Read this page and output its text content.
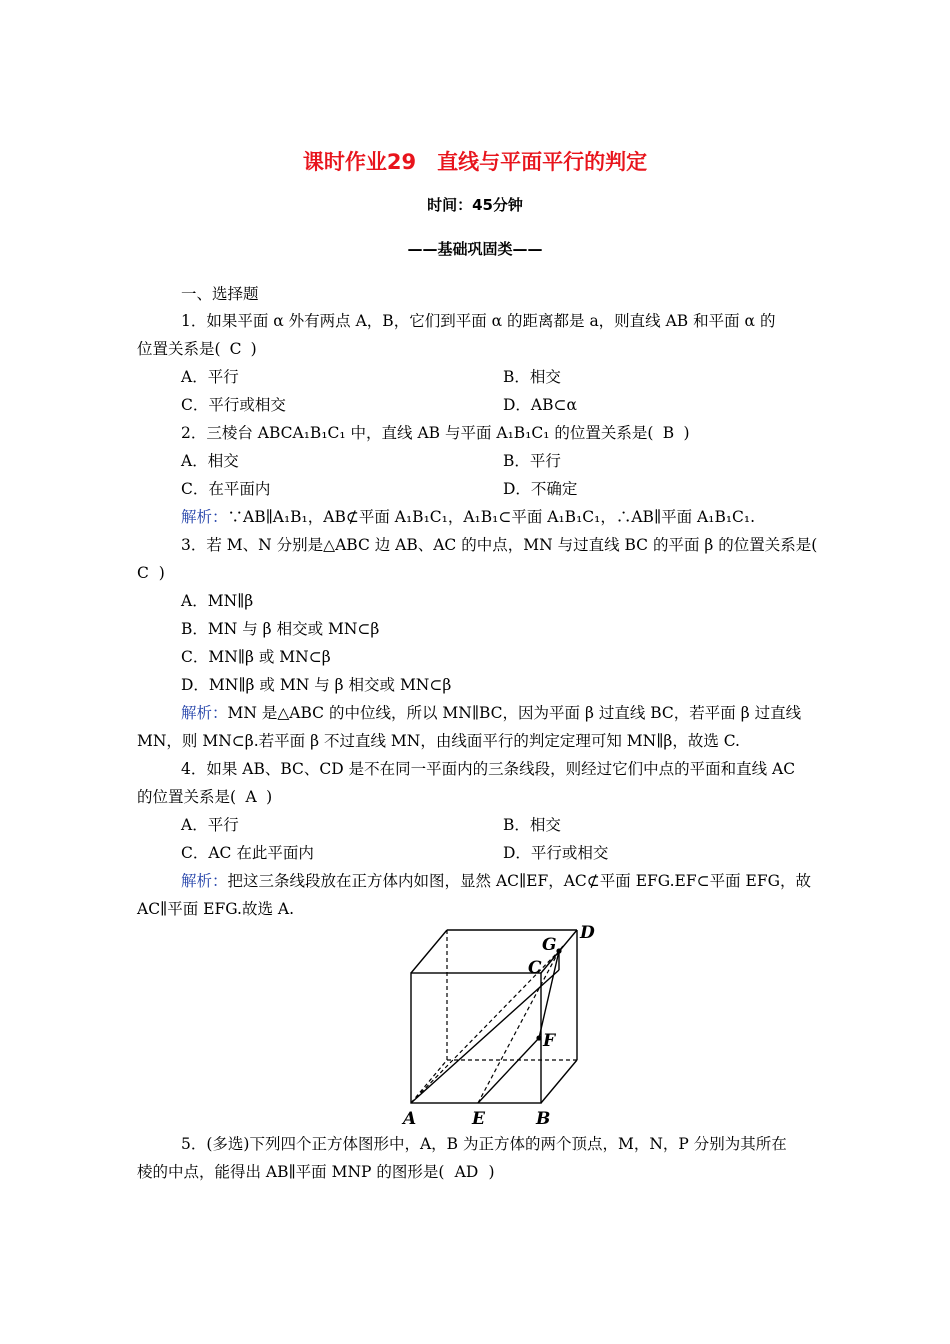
课时作业29　直线与平面平行的判定
时间：45分钟
——基础巩固类——
一、选择题
1．如果平面 α 外有两点 A，B，它们到平面 α 的距离都是 a，则直线 AB 和平面 α 的
位置关系是( C )
A．平行	B．相交
C．平行或相交	D．AB⊂α
2．三棱台 ABCA₁B₁C₁ 中，直线 AB 与平面 A₁B₁C₁ 的位置关系是( B )
A．相交	B．平行
C．在平面内	D．不确定
解析：∵AB∥A₁B₁，AB⊄平面 A₁B₁C₁，A₁B₁⊂平面 A₁B₁C₁，∴AB∥平面 A₁B₁C₁.
3．若 M、N 分别是△ABC 边 AB、AC 的中点，MN 与过直线 BC 的平面 β 的位置关系是(
C )
A．MN∥β
B．MN 与 β 相交或 MN⊂β
C．MN∥β 或 MN⊂β
D．MN∥β 或 MN 与 β 相交或 MN⊂β
解析：MN 是△ABC 的中位线，所以 MN∥BC，因为平面 β 过直线 BC，若平面 β 过直线
MN，则 MN⊂β.若平面 β 不过直线 MN，由线面平行的判定定理可知 MN∥β，故选 C.
4．如果 AB、BC、CD 是不在同一平面内的三条线段，则经过它们中点的平面和直线 AC
的位置关系是( A )
A．平行	B．相交
C．AC 在此平面内	D．平行或相交
解析：把这三条线段放在正方体内如图，显然 AC∥EF，AC⊄平面 EFG.EF⊂平面 EFG，故
AC∥平面 EFG.故选 A.
D
G
C
F
A	E	B
5．(多选)下列四个正方体图形中，A，B 为正方体的两个顶点，M，N，P 分别为其所在
棱的中点，能得出 AB∥平面 MNP 的图形是( AD )
